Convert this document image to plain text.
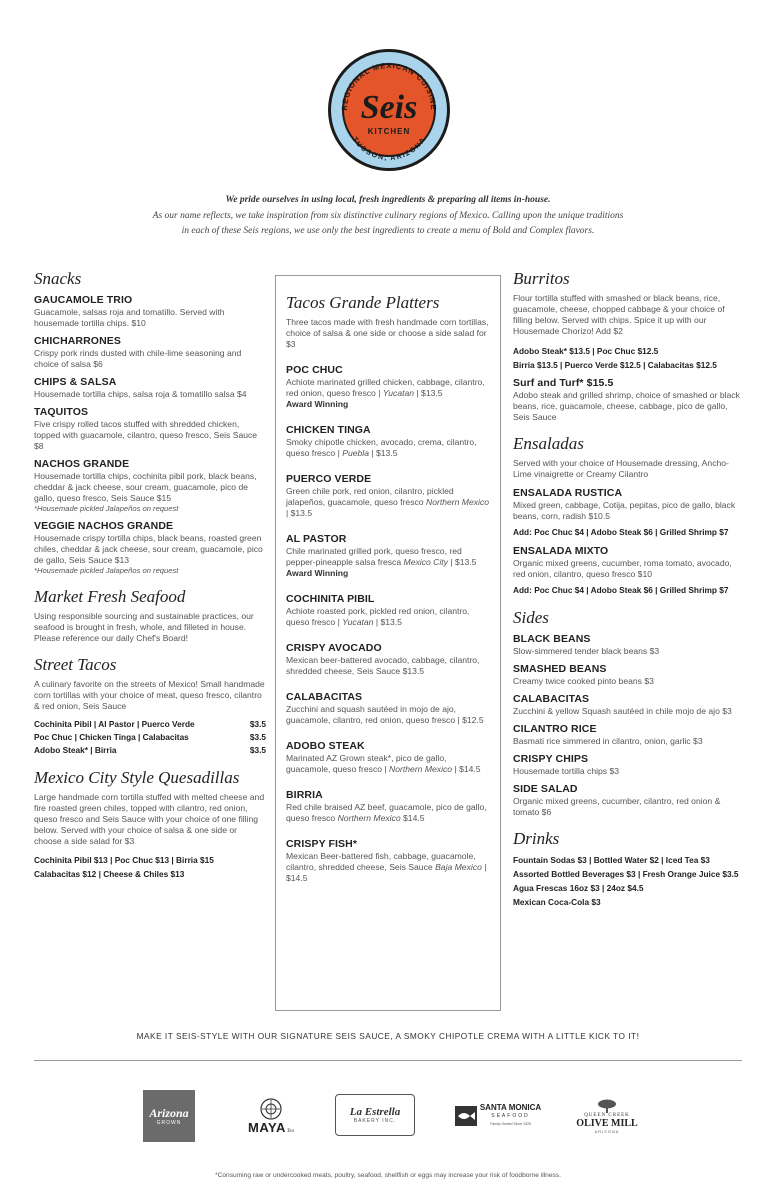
REGIONAL MEXICAN CUISINE
TUCSON, ARIZONA
Seis
KITCHEN
We pride ourselves in using local, fresh ingredients & preparing all items in-house.
As our name reflects, we take inspiration from six distinctive culinary regions of Mexico. Calling upon the unique traditions
in each of these Seis regions, we use only the best ingredients to create a menu of Bold and Complex flavors.
Snacks
GAUCAMOLE TRIO
Guacamole, salsas roja and tomatillo. Served with housemade tortilla chips. $10
CHICHARRONES
Crispy pork rinds dusted with chile-lime seasoning and choice of salsa $6
CHIPS & SALSA
Housemade tortilla chips, salsa roja & tomatillo salsa $4
TAQUITOS
Five crispy rolled tacos stuffed with shredded chicken, topped with guacamole, cilantro, queso fresco, Seis Sauce $8
NACHOS GRANDE
Housemade tortilla chips, cochinita pibil pork, black beans, cheddar & jack cheese, sour cream, guacamole, pico de gallo, queso fresco, Seis Sauce $15
*Housemade pickled Jalapeños on request
VEGGIE NACHOS GRANDE
Housemade crispy tortilla chips, black beans, roasted green chiles, cheddar & jack cheese, sour cream, guacamole, pico de gallo, Seis Sauce $13
*Housemade pickled Jalapeños on request
Market Fresh Seafood
Using responsible sourcing and sustainable practices, our seafood is brought in fresh, whole, and filleted in house. Please reference our daily Chef's Board!
Street Tacos
A culinary favorite on the streets of Mexico! Small handmade corn tortillas with your choice of meat, queso fresco, cilantro & red onion, Seis Sauce
Cochinita Pibil | Al Pastor | Puerco Verde	$3.5
Poc Chuc | Chicken Tinga | Calabacitas	$3.5
Adobo Steak* | Birria	$3.5
Mexico City Style Quesadillas
Large handmade corn tortilla stuffed with melted cheese and fire roasted green chiles, topped with cilantro, red onion, queso fresco and Seis Sauce with your choice of one filling below. Served with your choice of salsa & one side or choose a side salad for $3
Cochinita Pibil $13 | Poc Chuc $13 | Birria $15
Calabacitas $12 | Cheese & Chiles $13
Tacos Grande Platters
Three tacos made with fresh handmade corn tortillas, choice of salsa & one side or choose a side salad for $3
POC CHUC
Achiote marinated grilled chicken, cabbage, cilantro, red onion, queso fresco | Yucatan | $13.5
Award Winning
CHICKEN TINGA
Smoky chipotle chicken, avocado, crema, cilantro, queso fresco | Puebla | $13.5
PUERCO VERDE
Green chile pork, red onion, cilantro, pickled jalapeños, guacamole, queso fresco Northern Mexico | $13.5
AL PASTOR
Chile marinated grilled pork, queso fresco, red pepper-pineapple salsa fresca Mexico City | $13.5 Award Winning
COCHINITA PIBIL
Achiote roasted pork, pickled red onion, cilantro, queso fresco | Yucatan | $13.5
CRISPY AVOCADO
Mexican beer-battered avocado, cabbage, cilantro, shredded cheese, Seis Sauce $13.5
CALABACITAS
Zucchini and squash sautéed in mojo de ajo, guacamole, cilantro, red onion, queso fresco | $12.5
ADOBO STEAK
Marinated AZ Grown steak*, pico de gallo, guacamole, queso fresco | Northern Mexico | $14.5
BIRRIA
Red chile braised AZ beef, guacamole, pico de gallo, queso fresco Northern Mexico $14.5
CRISPY FISH*
Mexican Beer-battered fish, cabbage, guacamole, cilantro, shredded cheese, Seis Sauce Baja Mexico | $14.5
Burritos
Flour tortilla stuffed with smashed or black beans, rice, guacamole, cheese, chopped cabbage & your choice of filling below. Served with chips. Spice it up with our Housemade Chorizo! Add $2
Adobo Steak* $13.5 | Poc Chuc $12.5
Birria $13.5 | Puerco Verde $12.5 | Calabacitas $12.5
Surf and Turf* $15.5
Adobo steak and grilled shrimp, choice of smashed or black beans, rice, guacamole, cheese, cabbage, pico de gallo, Seis Sauce
Ensaladas
Served with your choice of Housemade dressing, Ancho-Lime vinaigrette or Creamy Cilantro
ENSALADA RUSTICA
Mixed green, cabbage, Cotija, pepitas, pico de gallo, black beans, corn, radish $10.5
Add: Poc Chuc $4 | Adobo Steak $6 | Grilled Shrimp $7
ENSALADA MIXTO
Organic mixed greens, cucumber, roma tomato, avocado, red onion, cilantro, queso fresco $10
Add: Poc Chuc $4 | Adobo Steak $6 | Grilled Shrimp $7
Sides
BLACK BEANS
Slow-simmered tender black beans $3
SMASHED BEANS
Creamy twice cooked pinto beans $3
CALABACITAS
Zucchini & yellow Squash sautéed in chile mojo de ajo $3
CILANTRO RICE
Basmati rice simmered in cilantro, onion, garlic $3
CRISPY CHIPS
Housemade tortilla chips $3
SIDE SALAD
Organic mixed greens, cucumber, cilantro, red onion & tomato $6
Drinks
Fountain Sodas $3 | Bottled Water $2 | Iced Tea $3
Assorted Bottled Beverages $3 | Fresh Orange Juice $3.5
Agua Frescas 16oz $3 | 24oz $4.5
Mexican Coca-Cola $3
MAKE IT SEIS-STYLE WITH OUR SIGNATURE SEIS SAUCE, A SMOKY CHIPOTLE CREMA WITH A LITTLE KICK TO IT!
Arizona
GROWN	MAYA Tea
La Estrella
BAKERY INC.
SANTA MONICA
SEAFOOD
Family Owned Since 1939
QUEEN CREEK
OLIVE MILL
ARIZONA
*Consuming raw or undercooked meats, poultry, seafood, shellfish or eggs may increase your risk of foodborne illness.
